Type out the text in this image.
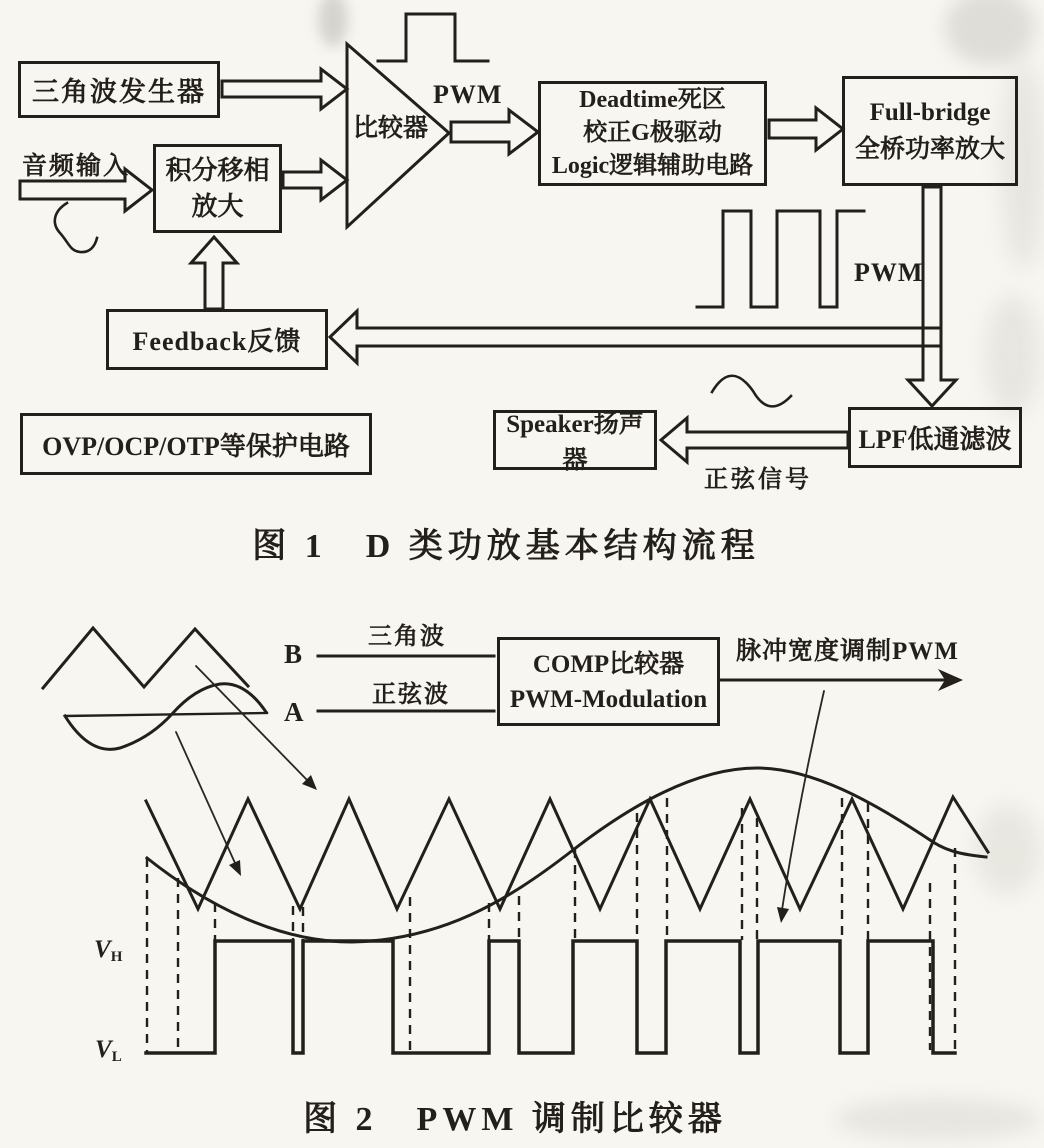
三角波发生器
音频输入 积分移相
放大
比较器
PWM	Deadtime死区
校正G极驱动
Logic逻辑辅助电路
Full-bridge
全桥功率放大
PWM
Feedback反馈
OVP/OCP/OTP等保护电路
Speaker扬声器
LPF低通滤波
正弦信号
图 1　D 类功放基本结构流程
B
三角波
A
正弦波
COMP比较器
PWM-Modulation
脉冲宽度调制PWM
$V_H$
$V_L$
图 2　PWM 调制比较器
